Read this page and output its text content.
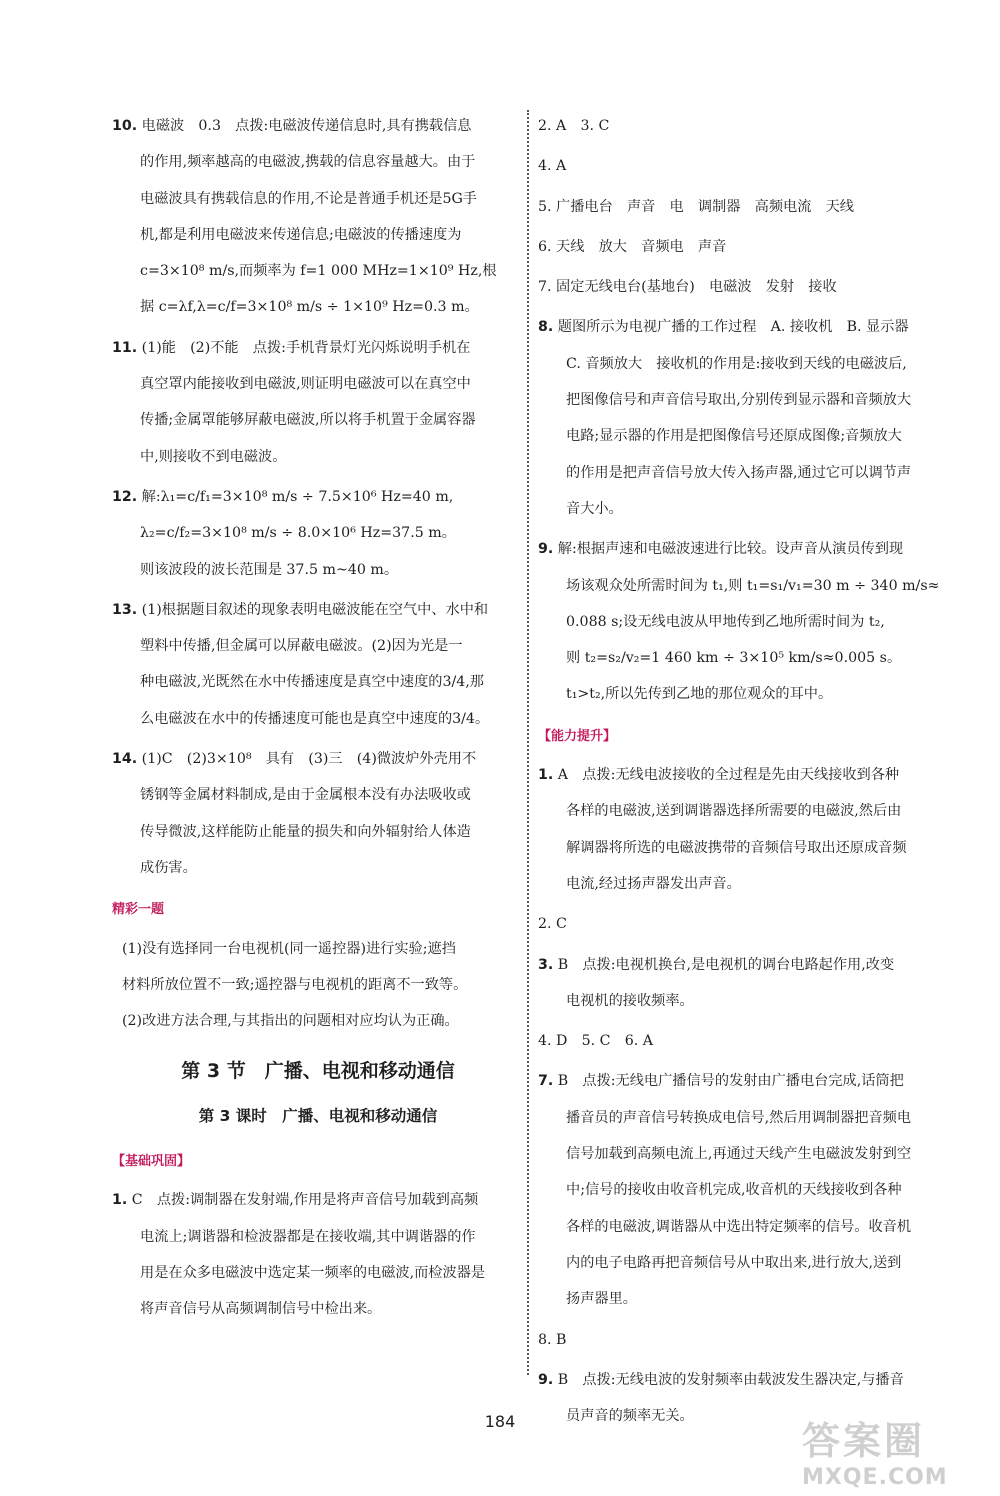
10. 电磁波　0.3　点拨:电磁波传递信息时,具有携载信息
的作用,频率越高的电磁波,携载的信息容量越大。由于
电磁波具有携载信息的作用,不论是普通手机还是5G手
机,都是利用电磁波来传递信息;电磁波的传播速度为
c=3×10⁸ m/s,而频率为 f=1 000 MHz=1×10⁹ Hz,根
据 c=λf,λ=c/f=3×10⁸ m/s ÷ 1×10⁹ Hz=0.3 m。
11. (1)能　(2)不能　点拨:手机背景灯光闪烁说明手机在
真空罩内能接收到电磁波,则证明电磁波可以在真空中
传播;金属罩能够屏蔽电磁波,所以将手机置于金属容器
中,则接收不到电磁波。
12. 解:λ₁=c/f₁=3×10⁸ m/s ÷ 7.5×10⁶ Hz=40 m,
λ₂=c/f₂=3×10⁸ m/s ÷ 8.0×10⁶ Hz=37.5 m。
则该波段的波长范围是 37.5 m~40 m。
13. (1)根据题目叙述的现象表明电磁波能在空气中、水中和
塑料中传播,但金属可以屏蔽电磁波。(2)因为光是一
种电磁波,光既然在水中传播速度是真空中速度的3/4,那
么电磁波在水中的传播速度可能也是真空中速度的3/4。
14. (1)C　(2)3×10⁸　具有　(3)三　(4)微波炉外壳用不
锈钢等金属材料制成,是由于金属根本没有办法吸收或
传导微波,这样能防止能量的损失和向外辐射给人体造
成伤害。
精彩一题
(1)没有选择同一台电视机(同一遥控器)进行实验;遮挡
材料所放位置不一致;遥控器与电视机的距离不一致等。
(2)改进方法合理,与其指出的问题相对应均认为正确。
第 3 节　广播、电视和移动通信
第 3 课时　广播、电视和移动通信
【基础巩固】
1. C　点拨:调制器在发射端,作用是将声音信号加载到高频
电流上;调谐器和检波器都是在接收端,其中调谐器的作
用是在众多电磁波中选定某一频率的电磁波,而检波器是
将声音信号从高频调制信号中检出来。
2. A　3. C
4. A
5. 广播电台　声音　电　调制器　高频电流　天线
6. 天线　放大　音频电　声音
7. 固定无线电台(基地台)　电磁波　发射　接收
8. 题图所示为电视广播的工作过程　A. 接收机　B. 显示器
C. 音频放大　接收机的作用是:接收到天线的电磁波后,
把图像信号和声音信号取出,分别传到显示器和音频放大
电路;显示器的作用是把图像信号还原成图像;音频放大
的作用是把声音信号放大传入扬声器,通过它可以调节声
音大小。
9. 解:根据声速和电磁波速进行比较。设声音从演员传到现
场该观众处所需时间为 t₁,则 t₁=s₁/v₁=30 m ÷ 340 m/s≈
0.088 s;设无线电波从甲地传到乙地所需时间为 t₂,
则 t₂=s₂/v₂=1 460 km ÷ 3×10⁵ km/s≈0.005 s。
t₁>t₂,所以先传到乙地的那位观众的耳中。
【能力提升】
1. A　点拨:无线电波接收的全过程是先由天线接收到各种
各样的电磁波,送到调谐器选择所需要的电磁波,然后由
解调器将所选的电磁波携带的音频信号取出还原成音频
电流,经过扬声器发出声音。
2. C
3. B　点拨:电视机换台,是电视机的调台电路起作用,改变
电视机的接收频率。
4. D　5. C　6. A
7. B　点拨:无线电广播信号的发射由广播电台完成,话筒把
播音员的声音信号转换成电信号,然后用调制器把音频电
信号加载到高频电流上,再通过天线产生电磁波发射到空
中;信号的接收由收音机完成,收音机的天线接收到各种
各样的电磁波,调谐器从中选出特定频率的信号。收音机
内的电子电路再把音频信号从中取出来,进行放大,送到
扬声器里。
8. B
9. B　点拨:无线电波的发射频率由载波发生器决定,与播音
员声音的频率无关。
184	答案圈
MXQE.COM
